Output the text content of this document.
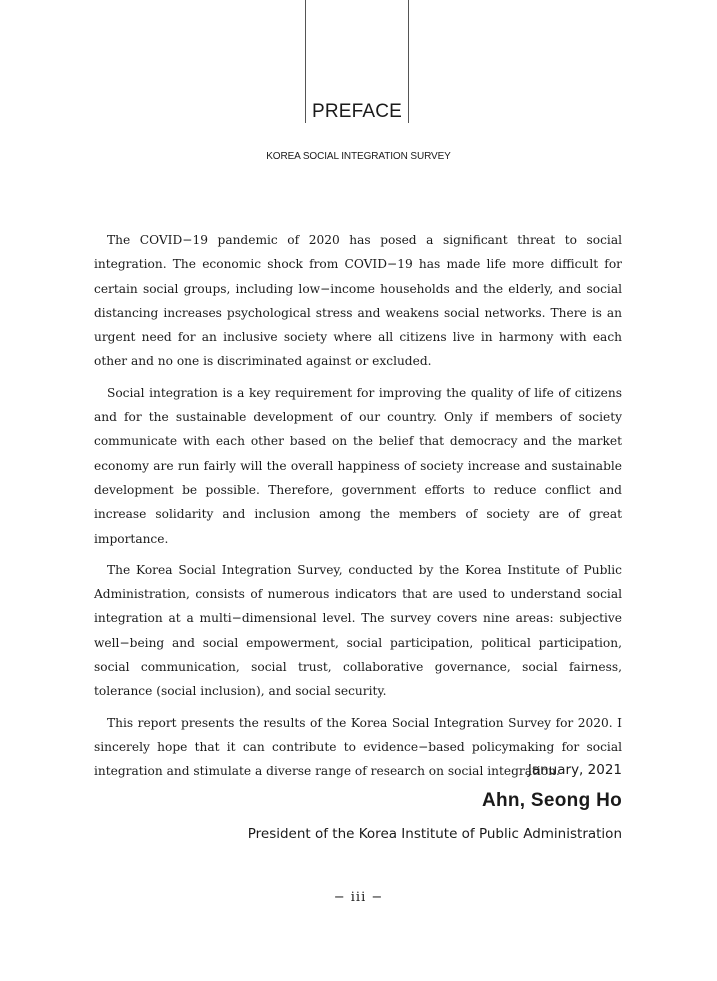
PREFACE
KOREA SOCIAL INTEGRATION SURVEY

The COVID−19 pandemic of 2020 has posed a significant threat to social integration. The economic shock from COVID−19 has made life more difficult for certain social groups, including low−income households and the elderly, and social distancing increases psychological stress and weakens social networks. There is an urgent need for an inclusive society where all citizens live in harmony with each other and no one is discriminated against or excluded.

Social integration is a key requirement for improving the quality of life of citizens and for the sustainable development of our country. Only if members of society communicate with each other based on the belief that democracy and the market economy are run fairly will the overall happiness of society increase and sustainable development be possible. Therefore, government efforts to reduce conflict and increase solidarity and inclusion among the members of society are of great importance.

The Korea Social Integration Survey, conducted by the Korea Institute of Public Administration, consists of numerous indicators that are used to understand social integration at a multi−dimensional level. The survey covers nine areas: subjective well−being and social empowerment, social participation, political participation, social communication, social trust, collaborative governance, social fairness, tolerance (social inclusion), and social security.

This report presents the results of the Korea Social Integration Survey for 2020. I sincerely hope that it can contribute to evidence−based policymaking for social integration and stimulate a diverse range of research on social integration.

January, 2021
Ahn, Seong Ho
President of the Korea Institute of Public Administration
− iii −
